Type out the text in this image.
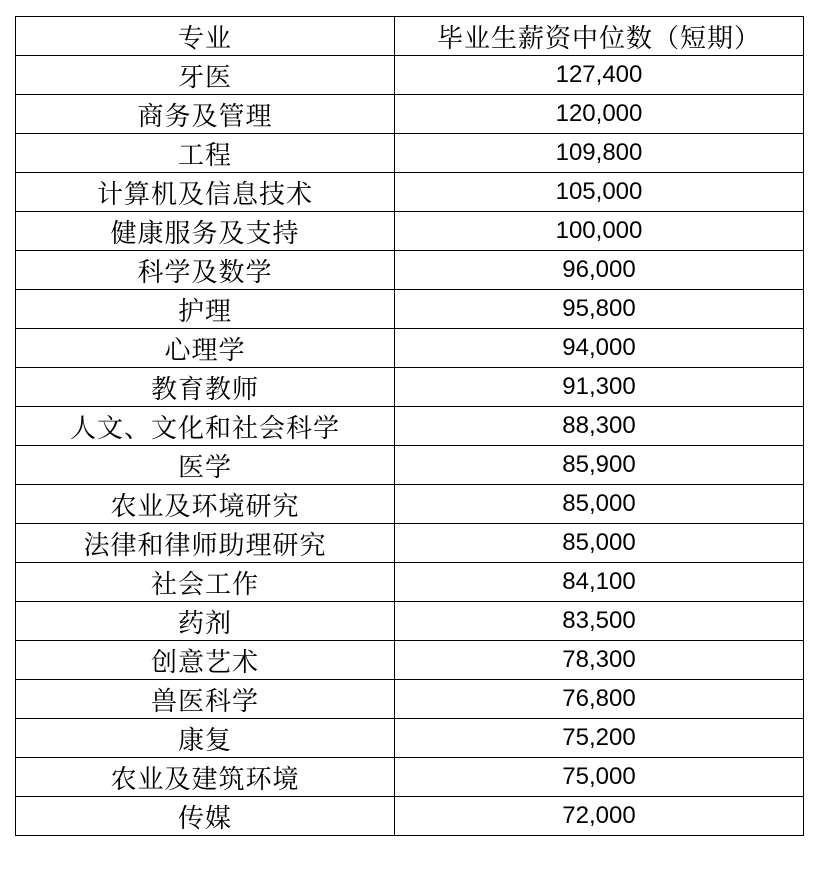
专业	毕业生薪资中位数（短期）
牙医	127,400
商务及管理	120,000
工程	109,800
计算机及信息技术	105,000
健康服务及支持	100,000
科学及数学	96,000
护理	95,800
心理学	94,000
教育教师	91,300
人文、文化和社会科学	88,300
医学	85,900
农业及环境研究	85,000
法律和律师助理研究	85,000
社会工作	84,100
药剂	83,500
创意艺术	78,300
兽医科学	76,800
康复	75,200
农业及建筑环境	75,000
传媒	72,000
